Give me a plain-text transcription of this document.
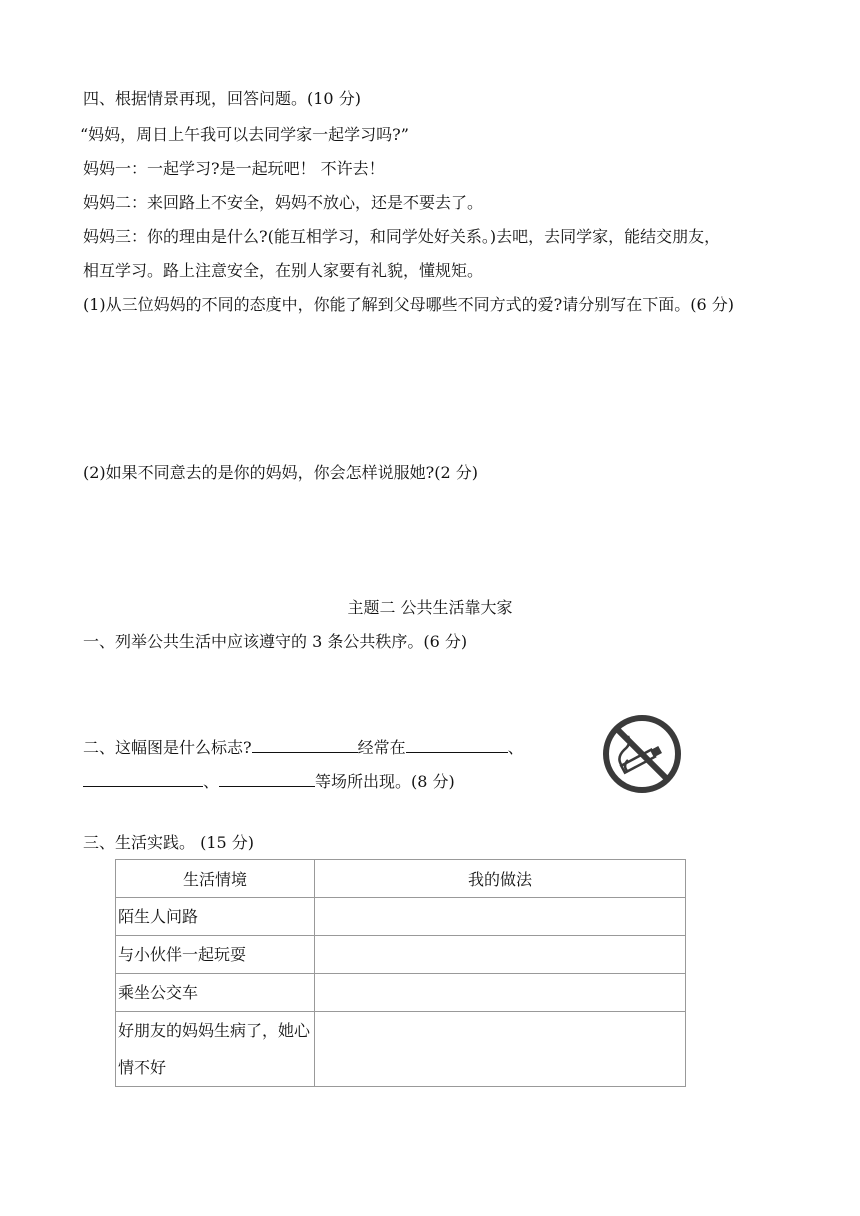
四、根据情景再现，回答问题。(10 分)
“妈妈，周日上午我可以去同学家一起学习吗?”
妈妈一：一起学习?是一起玩吧！ 不许去！
妈妈二：来回路上不安全，妈妈不放心，还是不要去了。
妈妈三：你的理由是什么?(能互相学习，和同学处好关系。)去吧，去同学家，能结交朋友，
相互学习。路上注意安全，在别人家要有礼貌，懂规矩。
(1)从三位妈妈的不同的态度中，你能了解到父母哪些不同方式的爱?请分别写在下面。(6 分)
(2)如果不同意去的是你的妈妈，你会怎样说服她?(2 分)
主题二 公共生活靠大家
一、列举公共生活中应该遵守的 3 条公共秩序。(6 分)
二、这幅图是什么标志?	经常在	、
、	等场所出现。(8 分)
三、生活实践。 (15 分)
生活情境	我的做法
陌生人问路	
与小伙伴一起玩耍	
乘坐公交车	
好朋友的妈妈生病了，她心情不好	
